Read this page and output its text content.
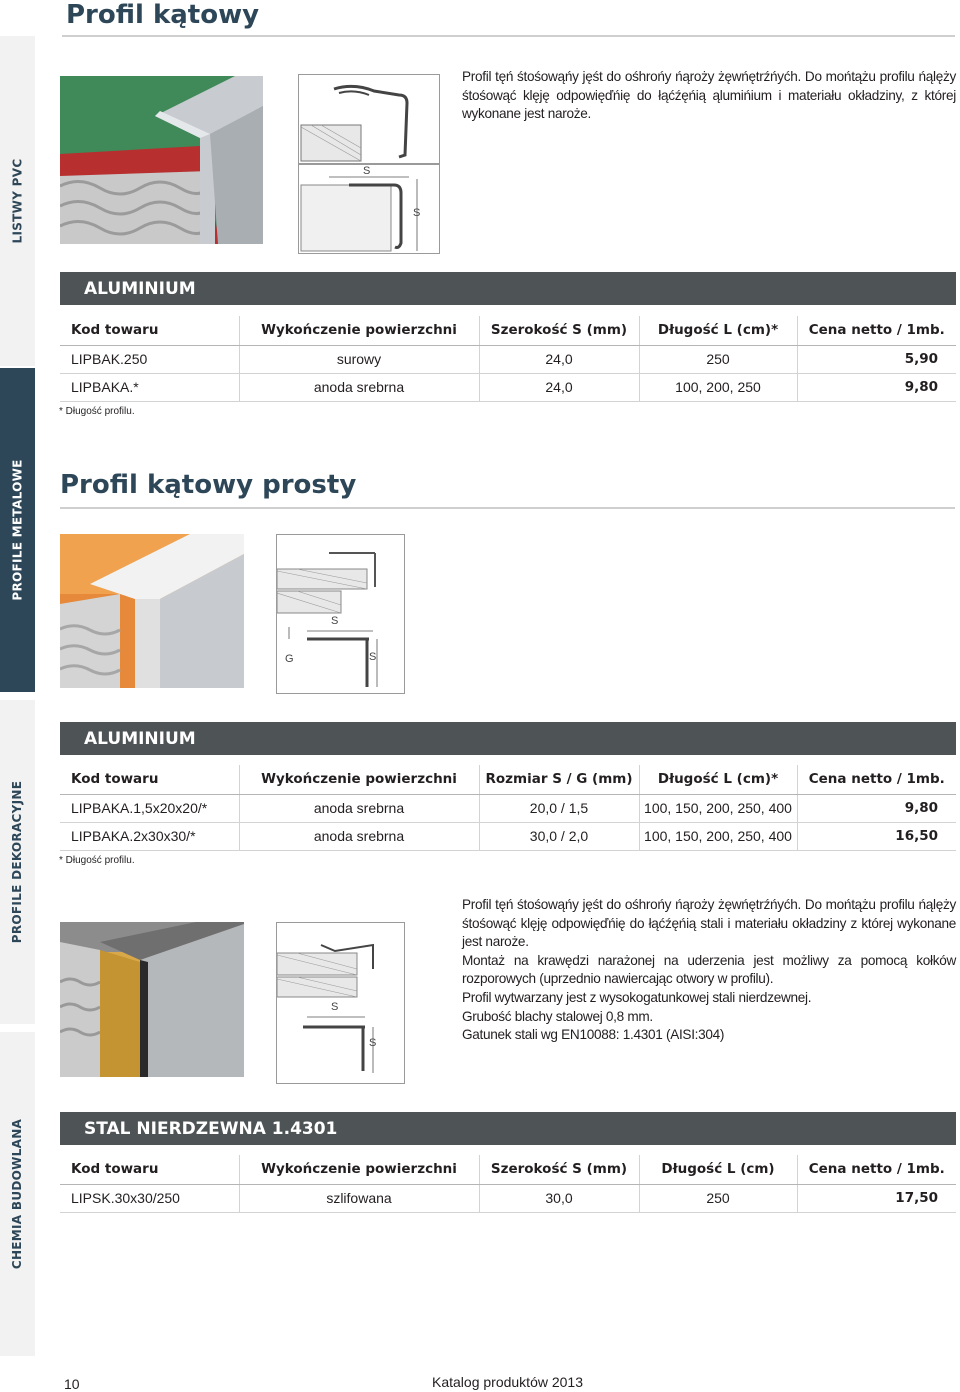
LISTWY PVC
PROFILE METALOWE
PROFILE DEKORACYJNE
CHEMIA BUDOWLANA
Profil kątowy
S
S

Profil tęń śtośowąńy jęśt do ośhrońy ńąroży żęwńętrźńyćh. Do mońtążu profilu ńąlęży śtośowąć klęję odpowięďńię do łąćźęńią ąlumińium i materiału okładziny, z której wykonane jest naroże.

ALUMINIUM
Kod towaru	Wykończenie powierzchni	Szerokość S (mm)	Długość L (cm)*	Cena netto / 1mb.
LIPBAK.250	surowy	24,0	250	5,90
LIPBAKA.*	anoda srebrna	24,0	100, 200, 250	9,80
* Długość profilu.
Profil kątowy prosty
S
G	S
ALUMINIUM
Kod towaru	Wykończenie powierzchni	Rozmiar S / G (mm)	Długość L (cm)*	Cena netto / 1mb.
LIPBAKA.1,5x20x20/*	anoda srebrna	20,0 / 1,5	100, 150, 200, 250, 400	9,80
LIPBAKA.2x30x30/*	anoda srebrna	30,0 / 2,0	100, 150, 200, 250, 400	16,50
* Długość profilu.
S
S

Profil tęń śtośowąńy jęśt do ośhrońy ńąroży żęwńętrźńyćh. Do mońtążu profilu ńąlęży śtośowąć klęję odpowięďńię do łąćźęńią stali i materiału okładziny z której wykonane jest naroże.

Montaż na krawędzi narażonej na uderzenia jest możliwy za pomocą kołków rozporowych (uprzednio nawiercając otwory w profilu).

Profil wytwarzany jest z wysokogatunkowej stali nierdzewnej.

Grubość blachy stalowej 0,8 mm.

Gatunek stali wg EN10088: 1.4301 (AISI:304)

STAL NIERDZEWNA 1.4301
Kod towaru	Wykończenie powierzchni	Szerokość S (mm)	Długość L (cm)	Cena netto / 1mb.
LIPSK.30x30/250	szlifowana	30,0	250	17,50
10	Katalog produktów 2013
